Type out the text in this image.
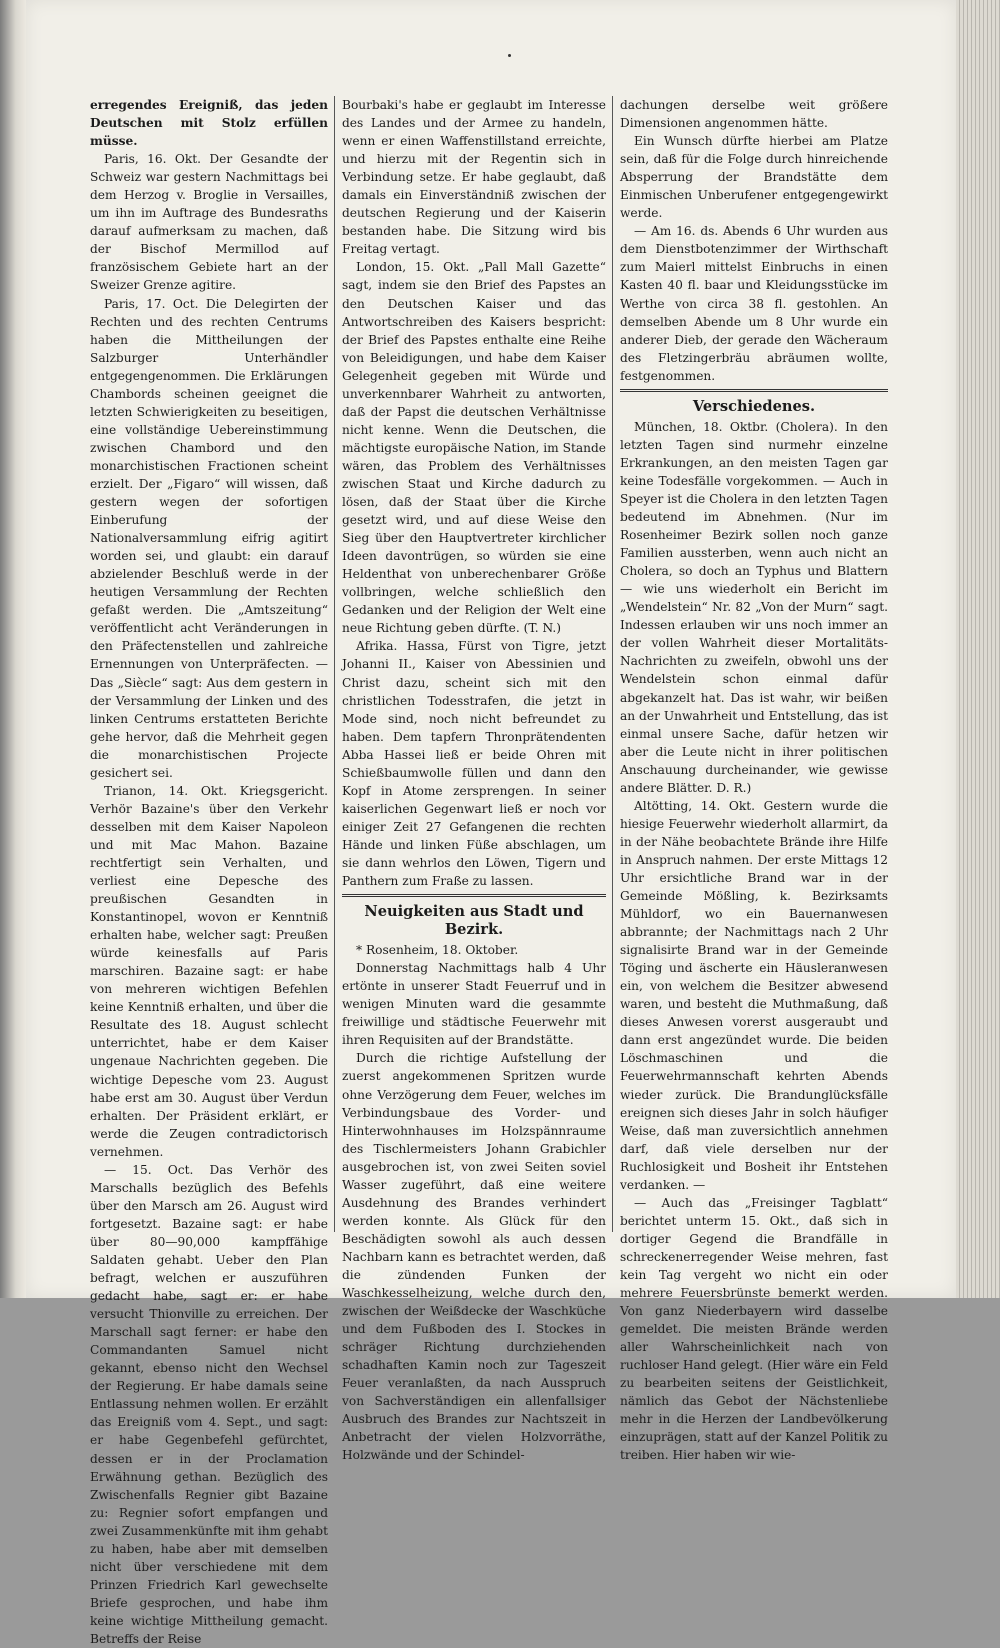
erregendes Ereigniß, das jeden Deutschen mit Stolz erfüllen müsse.

Paris, 16. Okt. Der Gesandte der Schweiz war gestern Nachmittags bei dem Herzog v. Broglie in Versailles, um ihn im Auftrage des Bundesraths darauf aufmerksam zu machen, daß der Bischof Mermillod auf französischem Gebiete hart an der Sweizer Grenze agitire.

Paris, 17. Oct. Die Delegirten der Rechten und des rechten Centrums haben die Mittheilungen der Salzburger Unterhändler entgegengenommen. Die Erklärungen Chambords scheinen geeignet die letzten Schwierigkeiten zu beseitigen, eine vollständige Uebereinstimmung zwischen Chambord und den monarchistischen Fractionen scheint erzielt. Der „Figaro“ will wissen, daß gestern wegen der sofortigen Einberufung der Nationalversammlung eifrig agitirt worden sei, und glaubt: ein darauf abzielender Beschluß werde in der heutigen Versammlung der Rechten gefaßt werden. Die „Amtszeitung“ veröffentlicht acht Veränderungen in den Präfectenstellen und zahlreiche Ernennungen von Unterpräfecten. — Das „Siècle“ sagt: Aus dem gestern in der Versammlung der Linken und des linken Centrums erstatteten Berichte gehe hervor, daß die Mehrheit gegen die monarchistischen Projecte gesichert sei.

Trianon, 14. Okt. Kriegsgericht. Verhör Bazaine's über den Verkehr desselben mit dem Kaiser Napoleon und mit Mac Mahon. Bazaine rechtfertigt sein Verhalten, und verliest eine Depesche des preußischen Gesandten in Konstantinopel, wovon er Kenntniß erhalten habe, welcher sagt: Preußen würde keinesfalls auf Paris marschiren. Bazaine sagt: er habe von mehreren wichtigen Befehlen keine Kenntniß erhalten, und über die Resultate des 18. August schlecht unterrichtet, habe er dem Kaiser ungenaue Nachrichten gegeben. Die wichtige Depesche vom 23. August habe erst am 30. August über Verdun erhalten. Der Präsident erklärt, er werde die Zeugen contradictorisch vernehmen.

— 15. Oct. Das Verhör des Marschalls bezüglich des Befehls über den Marsch am 26. August wird fortgesetzt. Bazaine sagt: er habe über 80—90,000 kampffähige Saldaten gehabt. Ueber den Plan befragt, welchen er auszuführen gedacht habe, sagt er: er habe versucht Thionville zu erreichen. Der Marschall sagt ferner: er habe den Commandanten Samuel nicht gekannt, ebenso nicht den Wechsel der Regierung. Er habe damals seine Entlassung nehmen wollen. Er erzählt das Ereigniß vom 4. Sept., und sagt: er habe Gegenbefehl gefürchtet, dessen er in der Proclamation Erwähnung gethan. Bezüglich des Zwischenfalls Regnier gibt Bazaine zu: Regnier sofort empfangen und zwei Zusammenkünfte mit ihm gehabt zu haben, habe aber mit demselben nicht über verschiedene mit dem Prinzen Friedrich Karl gewechselte Briefe gesprochen, und habe ihm keine wichtige Mittheilung gemacht. Betreffs der Reise

Bourbaki's habe er geglaubt im Interesse des Landes und der Armee zu handeln, wenn er einen Waffenstillstand erreichte, und hierzu mit der Regentin sich in Verbindung setze. Er habe geglaubt, daß damals ein Einverständniß zwischen der deutschen Regierung und der Kaiserin bestanden habe. Die Sitzung wird bis Freitag vertagt.

London, 15. Okt. „Pall Mall Gazette“ sagt, indem sie den Brief des Papstes an den Deutschen Kaiser und das Antwortschreiben des Kaisers bespricht: der Brief des Papstes enthalte eine Reihe von Beleidigungen, und habe dem Kaiser Gelegenheit gegeben mit Würde und unverkennbarer Wahrheit zu antworten, daß der Papst die deutschen Verhältnisse nicht kenne. Wenn die Deutschen, die mächtigste europäische Nation, im Stande wären, das Problem des Verhältnisses zwischen Staat und Kirche dadurch zu lösen, daß der Staat über die Kirche gesetzt wird, und auf diese Weise den Sieg über den Hauptvertreter kirchlicher Ideen davontrügen, so würden sie eine Heldenthat von unberechenbarer Größe vollbringen, welche schließlich den Gedanken und der Religion der Welt eine neue Richtung geben dürfte. (T. N.)

Afrika. Hassa, Fürst von Tigre, jetzt Johanni II., Kaiser von Abessinien und Christ dazu, scheint sich mit den christlichen Todesstrafen, die jetzt in Mode sind, noch nicht befreundet zu haben. Dem tapfern Thronprätendenten Abba Hassei ließ er beide Ohren mit Schießbaumwolle füllen und dann den Kopf in Atome zersprengen. In seiner kaiserlichen Gegenwart ließ er noch vor einiger Zeit 27 Gefangenen die rechten Hände und linken Füße abschlagen, um sie dann wehrlos den Löwen, Tigern und Panthern zum Fraße zu lassen.

Neuigkeiten aus Stadt und Bezirk.

* Rosenheim, 18. Oktober.

Donnerstag Nachmittags halb 4 Uhr ertönte in unserer Stadt Feuerruf und in wenigen Minuten ward die gesammte freiwillige und städtische Feuerwehr mit ihren Requisiten auf der Brandstätte.

Durch die richtige Aufstellung der zuerst angekommenen Spritzen wurde ohne Verzögerung dem Feuer, welches im Verbindungsbaue des Vorder- und Hinterwohnhauses im Holzspännraume des Tischlermeisters Johann Grabichler ausgebrochen ist, von zwei Seiten soviel Wasser zugeführt, daß eine weitere Ausdehnung des Brandes verhindert werden konnte. Als Glück für den Beschädigten sowohl als auch dessen Nachbarn kann es betrachtet werden, daß die zündenden Funken der Waschkesselheizung, welche durch den, zwischen der Weißdecke der Waschküche und dem Fußboden des I. Stockes in schräger Richtung durchziehenden schadhaften Kamin noch zur Tageszeit Feuer veranlaßten, da nach Ausspruch von Sachverständigen ein allenfallsiger Ausbruch des Brandes zur Nachtszeit in Anbetracht der vielen Holzvorräthe, Holzwände und der Schindel-

dachungen derselbe weit größere Dimensionen angenommen hätte.

Ein Wunsch dürfte hierbei am Platze sein, daß für die Folge durch hinreichende Absperrung der Brandstätte dem Einmischen Unberufener entgegengewirkt werde.

— Am 16. ds. Abends 6 Uhr wurden aus dem Dienstbotenzimmer der Wirthschaft zum Maierl mittelst Einbruchs in einen Kasten 40 fl. baar und Kleidungsstücke im Werthe von circa 38 fl. gestohlen. An demselben Abende um 8 Uhr wurde ein anderer Dieb, der gerade den Wächeraum des Fletzingerbräu abräumen wollte, festgenommen.

Verschiedenes.

München, 18. Oktbr. (Cholera). In den letzten Tagen sind nurmehr einzelne Erkrankungen, an den meisten Tagen gar keine Todesfälle vorgekommen. — Auch in Speyer ist die Cholera in den letzten Tagen bedeutend im Abnehmen. (Nur im Rosenheimer Bezirk sollen noch ganze Familien aussterben, wenn auch nicht an Cholera, so doch an Typhus und Blattern — wie uns wiederholt ein Bericht im „Wendelstein“ Nr. 82 „Von der Murn“ sagt. Indessen erlauben wir uns noch immer an der vollen Wahrheit dieser Mortalitäts-Nachrichten zu zweifeln, obwohl uns der Wendelstein schon einmal dafür abgekanzelt hat. Das ist wahr, wir beißen an der Unwahrheit und Entstellung, das ist einmal unsere Sache, dafür hetzen wir aber die Leute nicht in ihrer politischen Anschauung durcheinander, wie gewisse andere Blätter. D. R.)

Altötting, 14. Okt. Gestern wurde die hiesige Feuerwehr wiederholt allarmirt, da in der Nähe beobachtete Brände ihre Hilfe in Anspruch nahmen. Der erste Mittags 12 Uhr ersichtliche Brand war in der Gemeinde Mößling, k. Bezirksamts Mühldorf, wo ein Bauernanwesen abbrannte; der Nachmittags nach 2 Uhr signalisirte Brand war in der Gemeinde Töging und äscherte ein Häusleranwesen ein, von welchem die Besitzer abwesend waren, und besteht die Muthmaßung, daß dieses Anwesen vorerst ausgeraubt und dann erst angezündet wurde. Die beiden Löschmaschinen und die Feuerwehrmannschaft kehrten Abends wieder zurück. Die Brandunglücksfälle ereignen sich dieses Jahr in solch häufiger Weise, daß man zuversichtlich annehmen darf, daß viele derselben nur der Ruchlosigkeit und Bosheit ihr Entstehen verdanken. —

— Auch das „Freisinger Tagblatt“ berichtet unterm 15. Okt., daß sich in dortiger Gegend die Brandfälle in schreckenerregender Weise mehren, fast kein Tag vergeht wo nicht ein oder mehrere Feuersbrünste bemerkt werden. Von ganz Niederbayern wird dasselbe gemeldet. Die meisten Brände werden aller Wahrscheinlichkeit nach von ruchloser Hand gelegt. (Hier wäre ein Feld zu bearbeiten seitens der Geistlichkeit, nämlich das Gebot der Nächstenliebe mehr in die Herzen der Landbevölkerung einzuprägen, statt auf der Kanzel Politik zu treiben. Hier haben wir wie-
